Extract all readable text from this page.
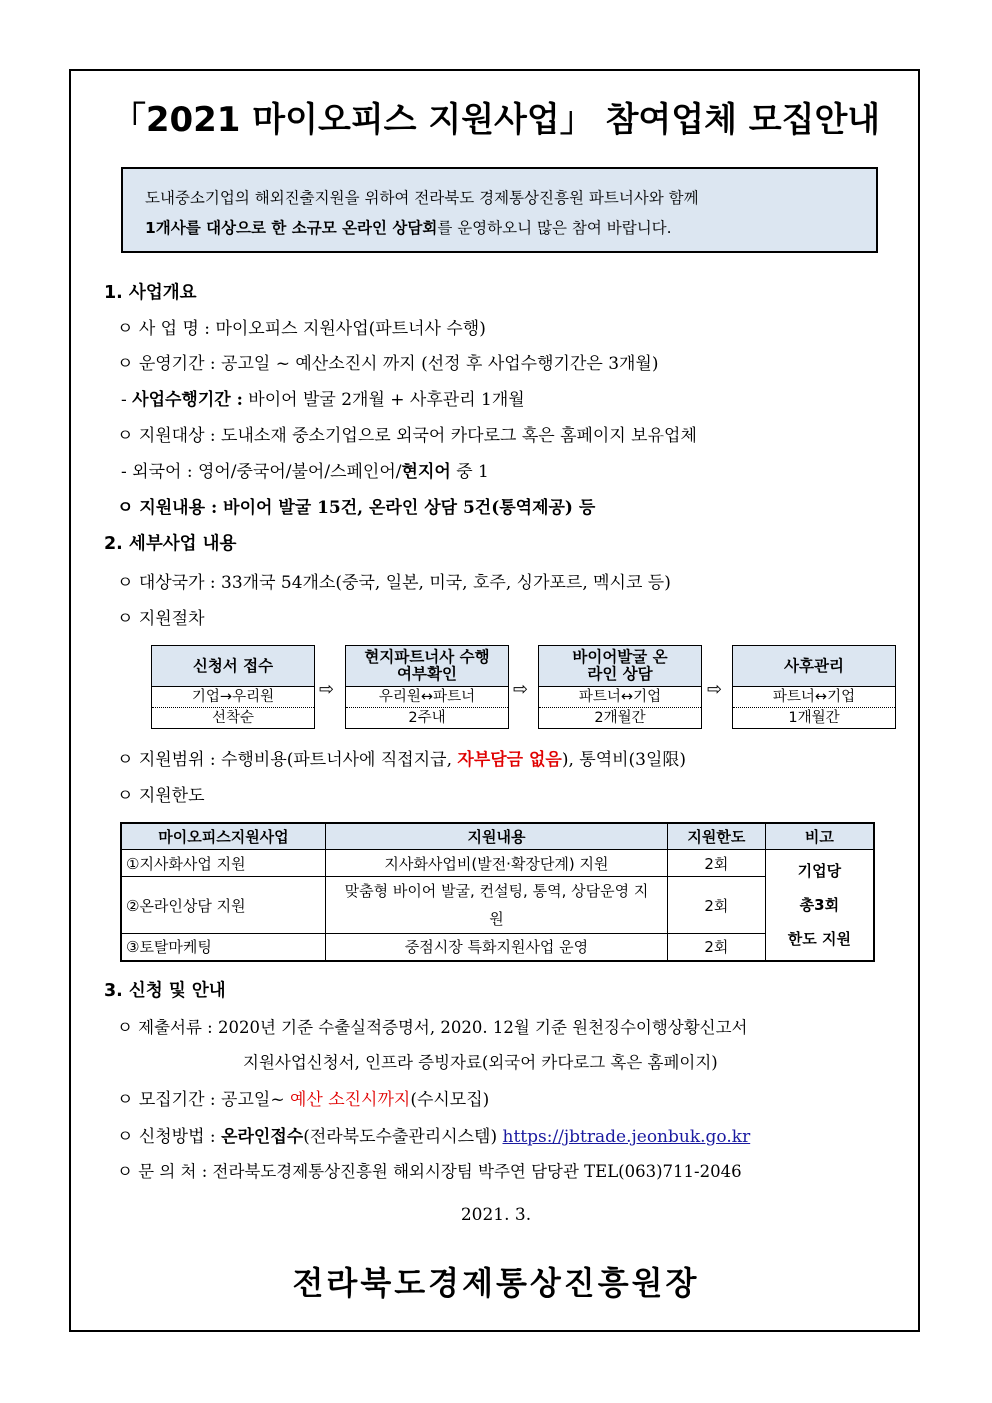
「2021 마이오피스 지원사업」 참여업체 모집안내
도내중소기업의 해외진출지원을 위하여 전라북도 경제통상진흥원 파트너사와 함께
1개사를 대상으로 한 소규모 온라인 상담회를 운영하오니 많은 참여 바랍니다.
1. 사업개요
ㅇ 사 업 명 : 마이오피스 지원사업(파트너사 수행)
ㅇ 운영기간 : 공고일 ~ 예산소진시 까지 (선정 후 사업수행기간은 3개월)
- 사업수행기간 : 바이어 발굴 2개월 + 사후관리 1개월
ㅇ 지원대상 : 도내소재 중소기업으로 외국어 카다로그 혹은 홈페이지 보유업체
- 외국어 : 영어/중국어/불어/스페인어/현지어 중 1
ㅇ 지원내용 : 바이어 발굴 15건, 온라인 상담 5건(통역제공) 등
2. 세부사업 내용
ㅇ 대상국가 : 33개국 54개소(중국, 일본, 미국, 호주, 싱가포르, 멕시코 등)
ㅇ 지원절차
신청서 접수
기업→우리원
선착순
⇨
현지파트너사 수행여부확인
우리원↔파트너
2주내
⇨
바이어발굴 온라인 상담
파트너↔기업
2개월간
⇨
사후관리
파트너↔기업
1개월간
ㅇ 지원범위 : 수행비용(파트너사에 직접지급, 자부담금 없음), 통역비(3일限)
ㅇ 지원한도
마이오피스지원사업	지원내용	지원한도	비고
①지사화사업 지원	지사화사업비(발전·확장단계) 지원	2회	기업당
총3회
한도 지원

②온라인상담 지원	맞춤형 바이어 발굴, 컨설팅, 통역, 상담운영 지원	2회	
③토탈마케팅	중점시장 특화지원사업 운영	2회	
3. 신청 및 안내
ㅇ 제출서류 : 2020년 기준 수출실적증명서, 2020. 12월 기준 원천징수이행상황신고서
지원사업신청서, 인프라 증빙자료(외국어 카다로그 혹은 홈페이지)
ㅇ 모집기간 : 공고일~ 예산 소진시까지(수시모집)
ㅇ 신청방법 : 온라인접수(전라북도수출관리시스템) https://jbtrade.jeonbuk.go.kr
ㅇ 문 의 처 : 전라북도경제통상진흥원 해외시장팀 박주연 담당관 TEL(063)711-2046
2021. 3.
전라북도경제통상진흥원장
